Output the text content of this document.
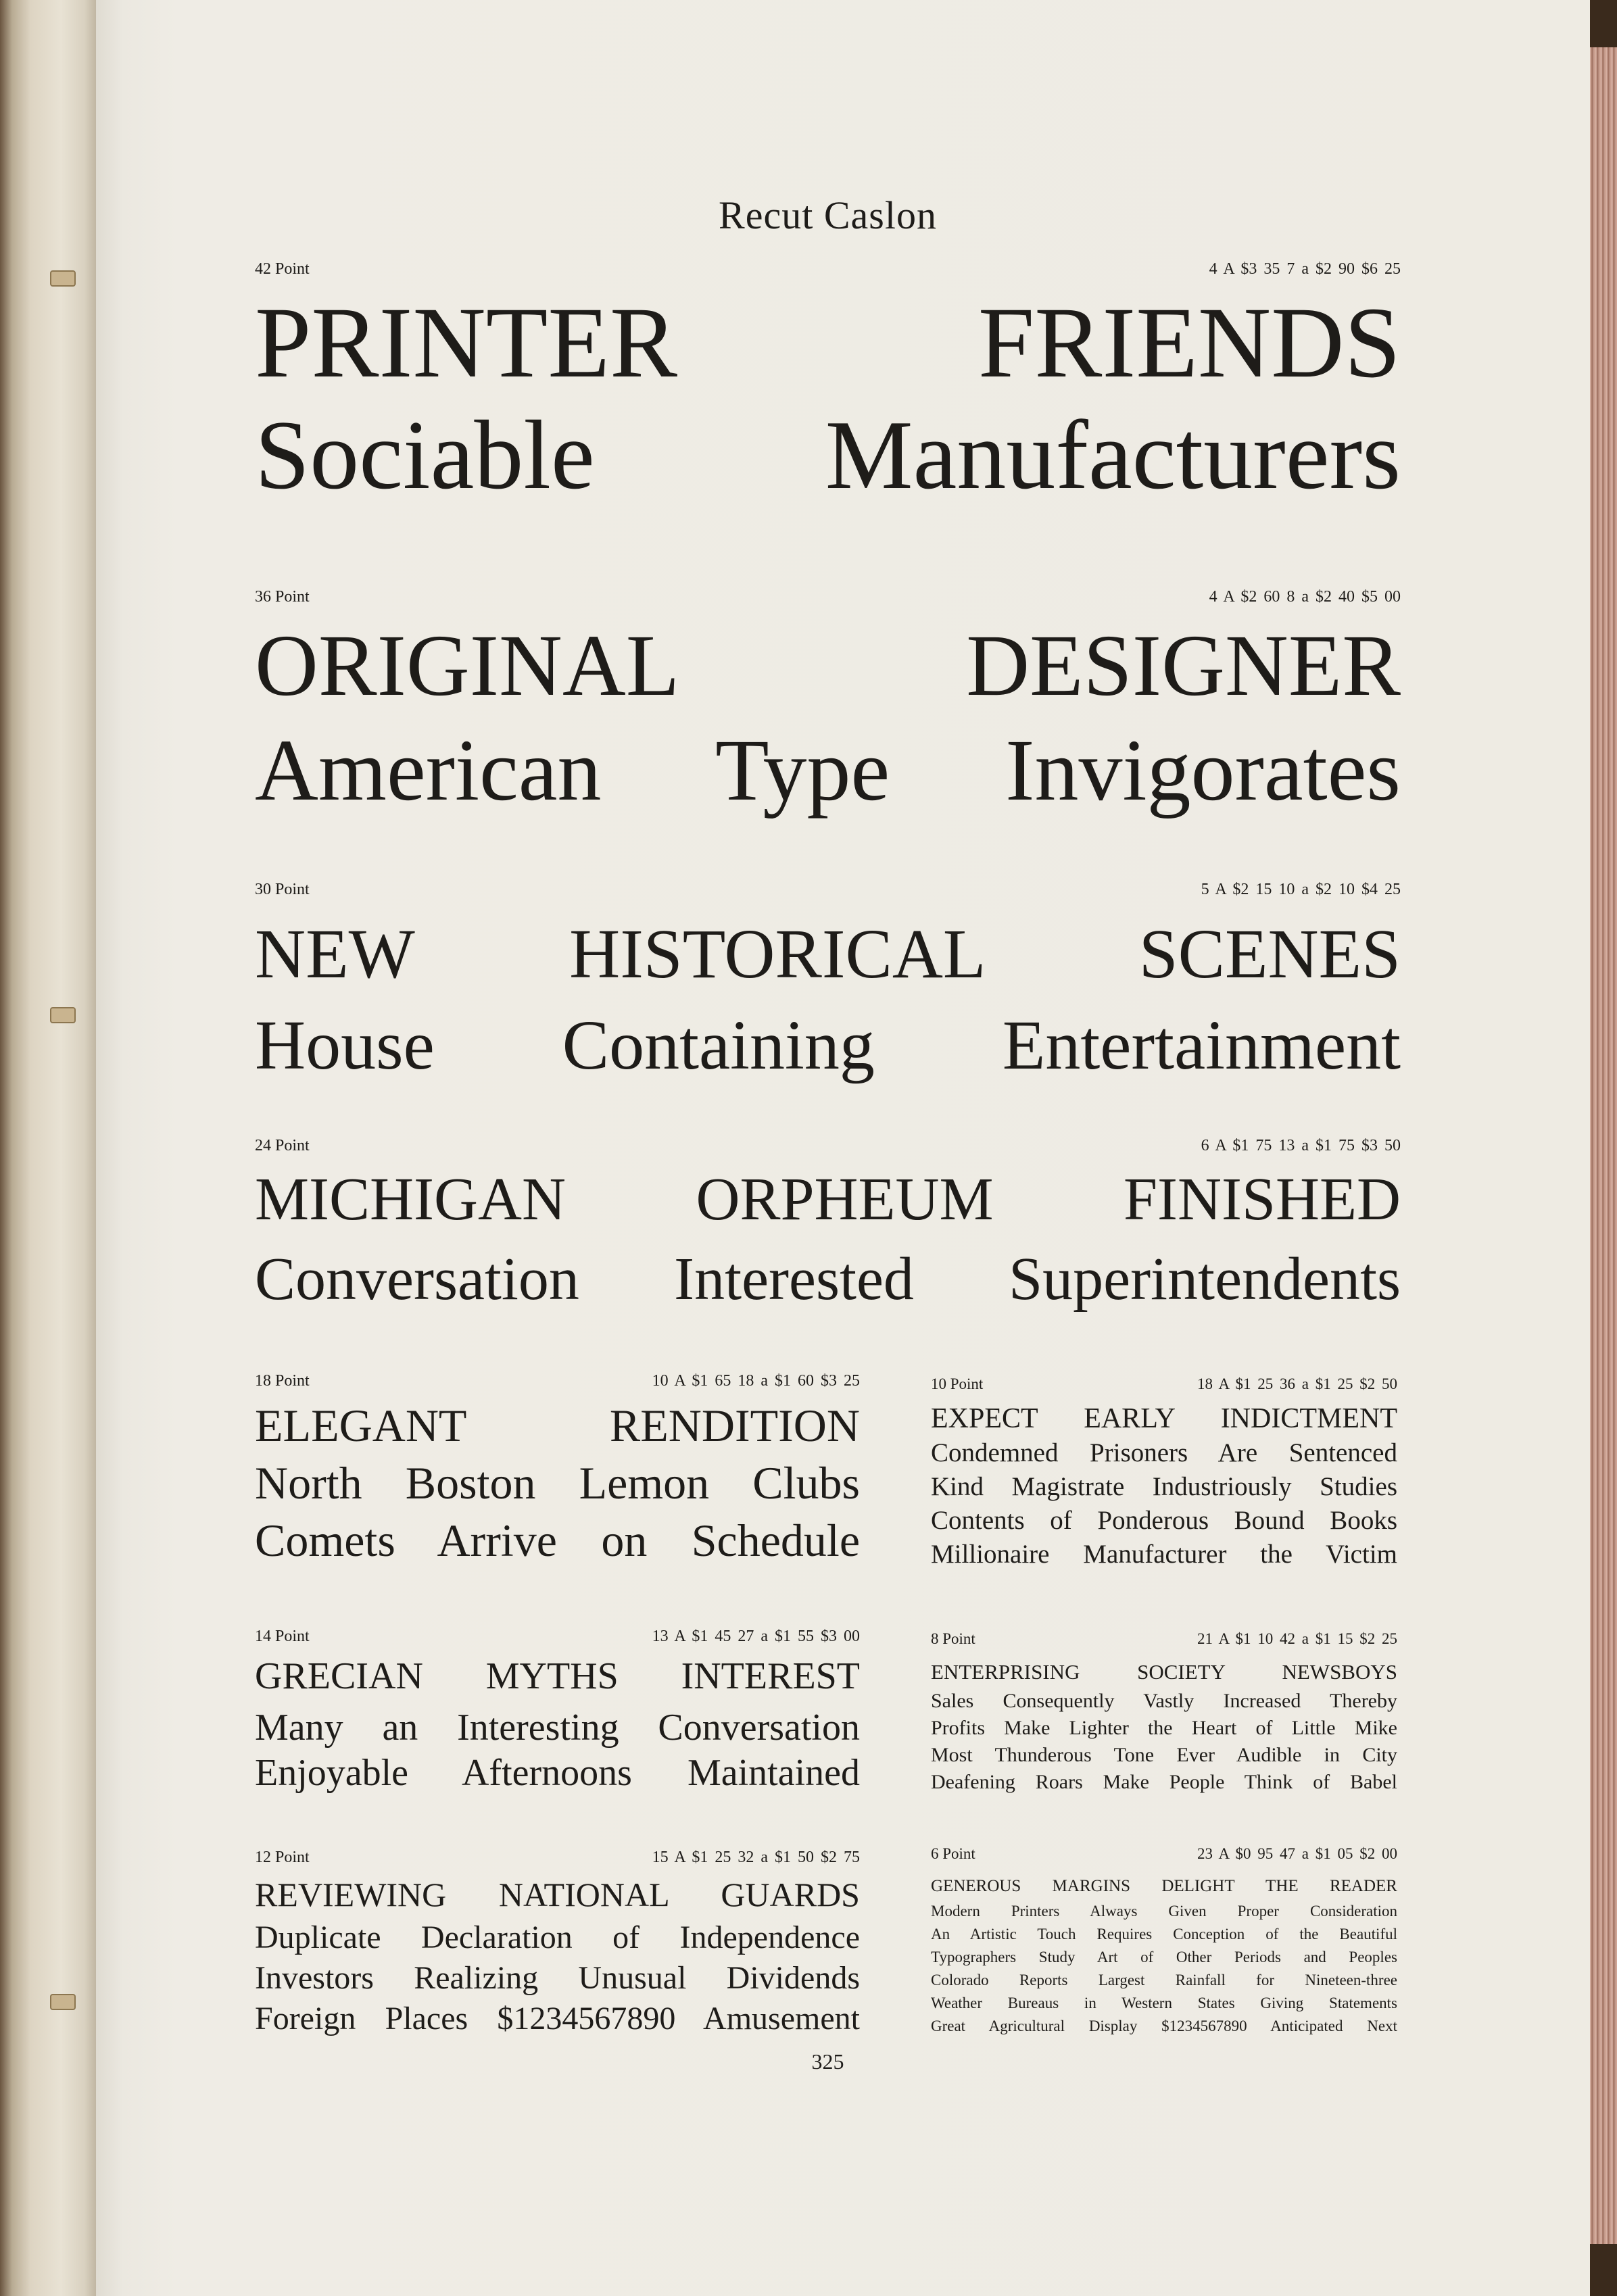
Recut Caslon
42 Point	4 A $3 35 7 a $2 90 $6 25
PRINTER FRIENDS
Sociable Manufacturers
36 Point	4 A $2 60 8 a $2 40 $5 00
ORIGINAL DESIGNER
American Type Invigorates
30 Point	5 A $2 15 10 a $2 10 $4 25
NEW HISTORICAL SCENES
House Containing Entertainment
24 Point	6 A $1 75 13 a $1 75 $3 50
MICHIGAN ORPHEUM FINISHED
Conversation Interested Superintendents
18 Point	10 A $1 65 18 a $1 60 $3 25
ELEGANT RENDITION
North Boston Lemon Clubs
Comets Arrive on Schedule
14 Point	13 A $1 45 27 a $1 55 $3 00
GRECIAN MYTHS INTEREST
Many an Interesting Conversation
Enjoyable Afternoons Maintained
12 Point	15 A $1 25 32 a $1 50 $2 75
REVIEWING NATIONAL GUARDS
Duplicate Declaration of Independence
Investors Realizing Unusual Dividends
Foreign Places $1234567890 Amusement
10 Point	18 A $1 25 36 a $1 25 $2 50
EXPECT EARLY INDICTMENT
Condemned Prisoners Are Sentenced
Kind Magistrate Industriously Studies
Contents of Ponderous Bound Books
Millionaire Manufacturer the Victim
8 Point	21 A $1 10 42 a $1 15 $2 25
ENTERPRISING SOCIETY NEWSBOYS
Sales Consequently Vastly Increased Thereby
Profits Make Lighter the Heart of Little Mike
Most Thunderous Tone Ever Audible in City
Deafening Roars Make People Think of Babel
6 Point	23 A $0 95 47 a $1 05 $2 00
GENEROUS MARGINS DELIGHT THE READER
Modern Printers Always Given Proper Consideration
An Artistic Touch Requires Conception of the Beautiful
Typographers Study Art of Other Periods and Peoples
Colorado Reports Largest Rainfall for Nineteen-three
Weather Bureaus in Western States Giving Statements
Great Agricultural Display $1234567890 Anticipated Next
325
